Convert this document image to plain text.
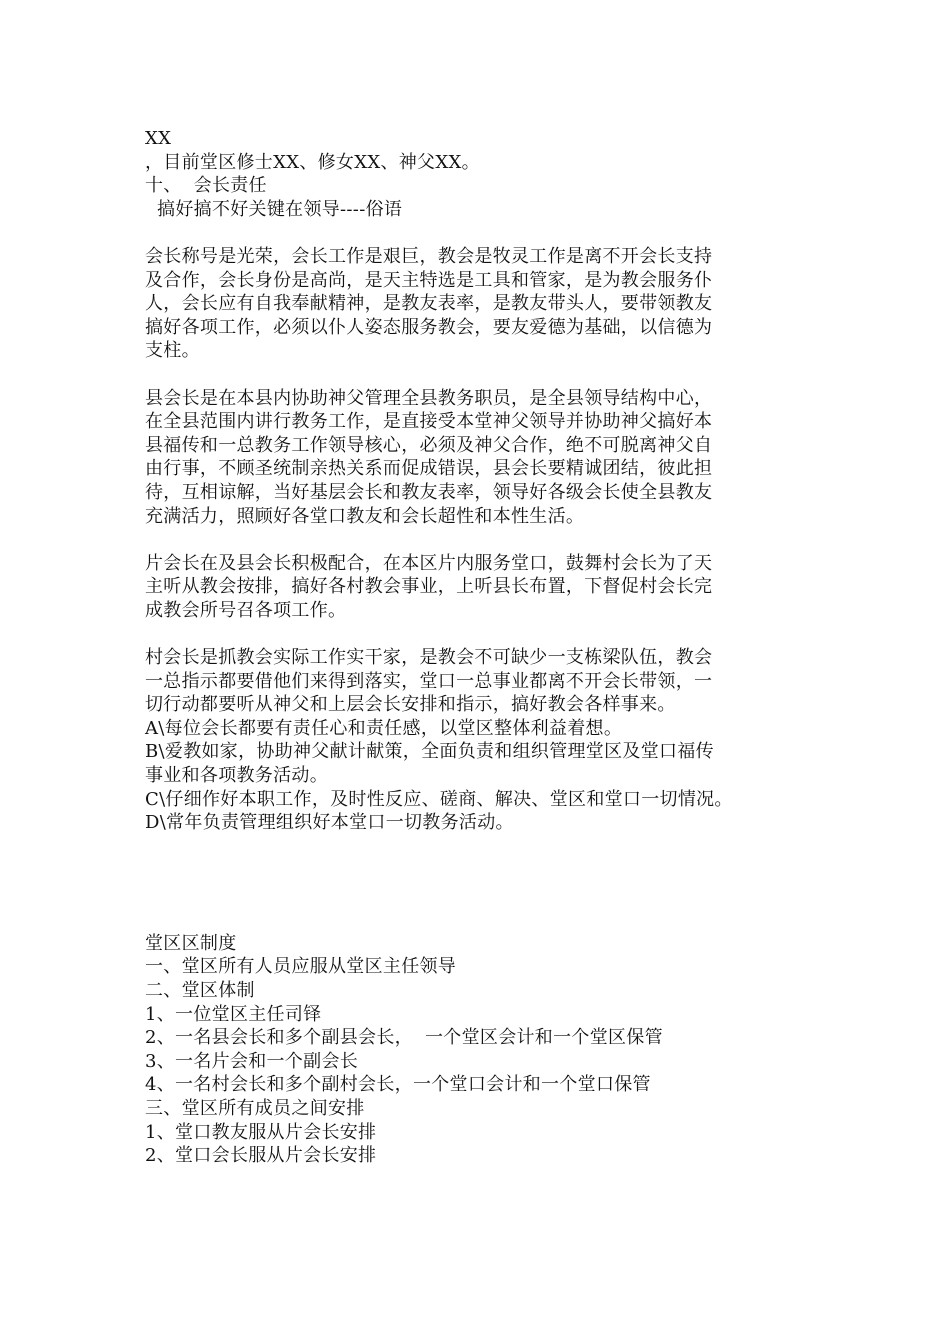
XX
，目前堂区修士XX、修女XX、神父XX。
十、  会长责任
搞好搞不好关键在领导----俗语
会长称号是光荣，会长工作是艰巨，教会是牧灵工作是离不开会长支持
及合作，会长身份是高尚，是天主特选是工具和管家，是为教会服务仆
人，会长应有自我奉献精神，是教友表率，是教友带头人，要带领教友
搞好各项工作，必须以仆人姿态服务教会，要友爱德为基础，以信德为
支柱。
县会长是在本县内协助神父管理全县教务职员，是全县领导结构中心，
在全县范围内讲行教务工作，是直接受本堂神父领导并协助神父搞好本
县福传和一总教务工作领导核心，必须及神父合作，绝不可脱离神父自
由行事，不顾圣统制亲热关系而促成错误，县会长要精诚团结，彼此担
待，互相谅解，当好基层会长和教友表率，领导好各级会长使全县教友
充满活力，照顾好各堂口教友和会长超性和本性生活。
片会长在及县会长积极配合，在本区片内服务堂口，鼓舞村会长为了天
主听从教会按排，搞好各村教会事业，上听县长布置，下督促村会长完
成教会所号召各项工作。
村会长是抓教会实际工作实干家，是教会不可缺少一支栋梁队伍，教会
一总指示都要借他们来得到落实，堂口一总事业都离不开会长带领，一
切行动都要听从神父和上层会长安排和指示，搞好教会各样事来。
A\每位会长都要有责任心和责任感，以堂区整体利益着想。
B\爱教如家，协助神父献计献策，全面负责和组织管理堂区及堂口福传
事业和各项教务活动。
C\仔细作好本职工作，及时性反应、磋商、解决、堂区和堂口一切情况。
D\常年负责管理组织好本堂口一切教务活动。
堂区区制度
一、堂区所有人员应服从堂区主任领导
二、堂区体制
1、一位堂区主任司铎
2、一名县会长和多个副县会长，  一个堂区会计和一个堂区保管
3、一名片会和一个副会长
4、一名村会长和多个副村会长，一个堂口会计和一个堂口保管
三、堂区所有成员之间安排
1、堂口教友服从片会长安排
2、堂口会长服从片会长安排
